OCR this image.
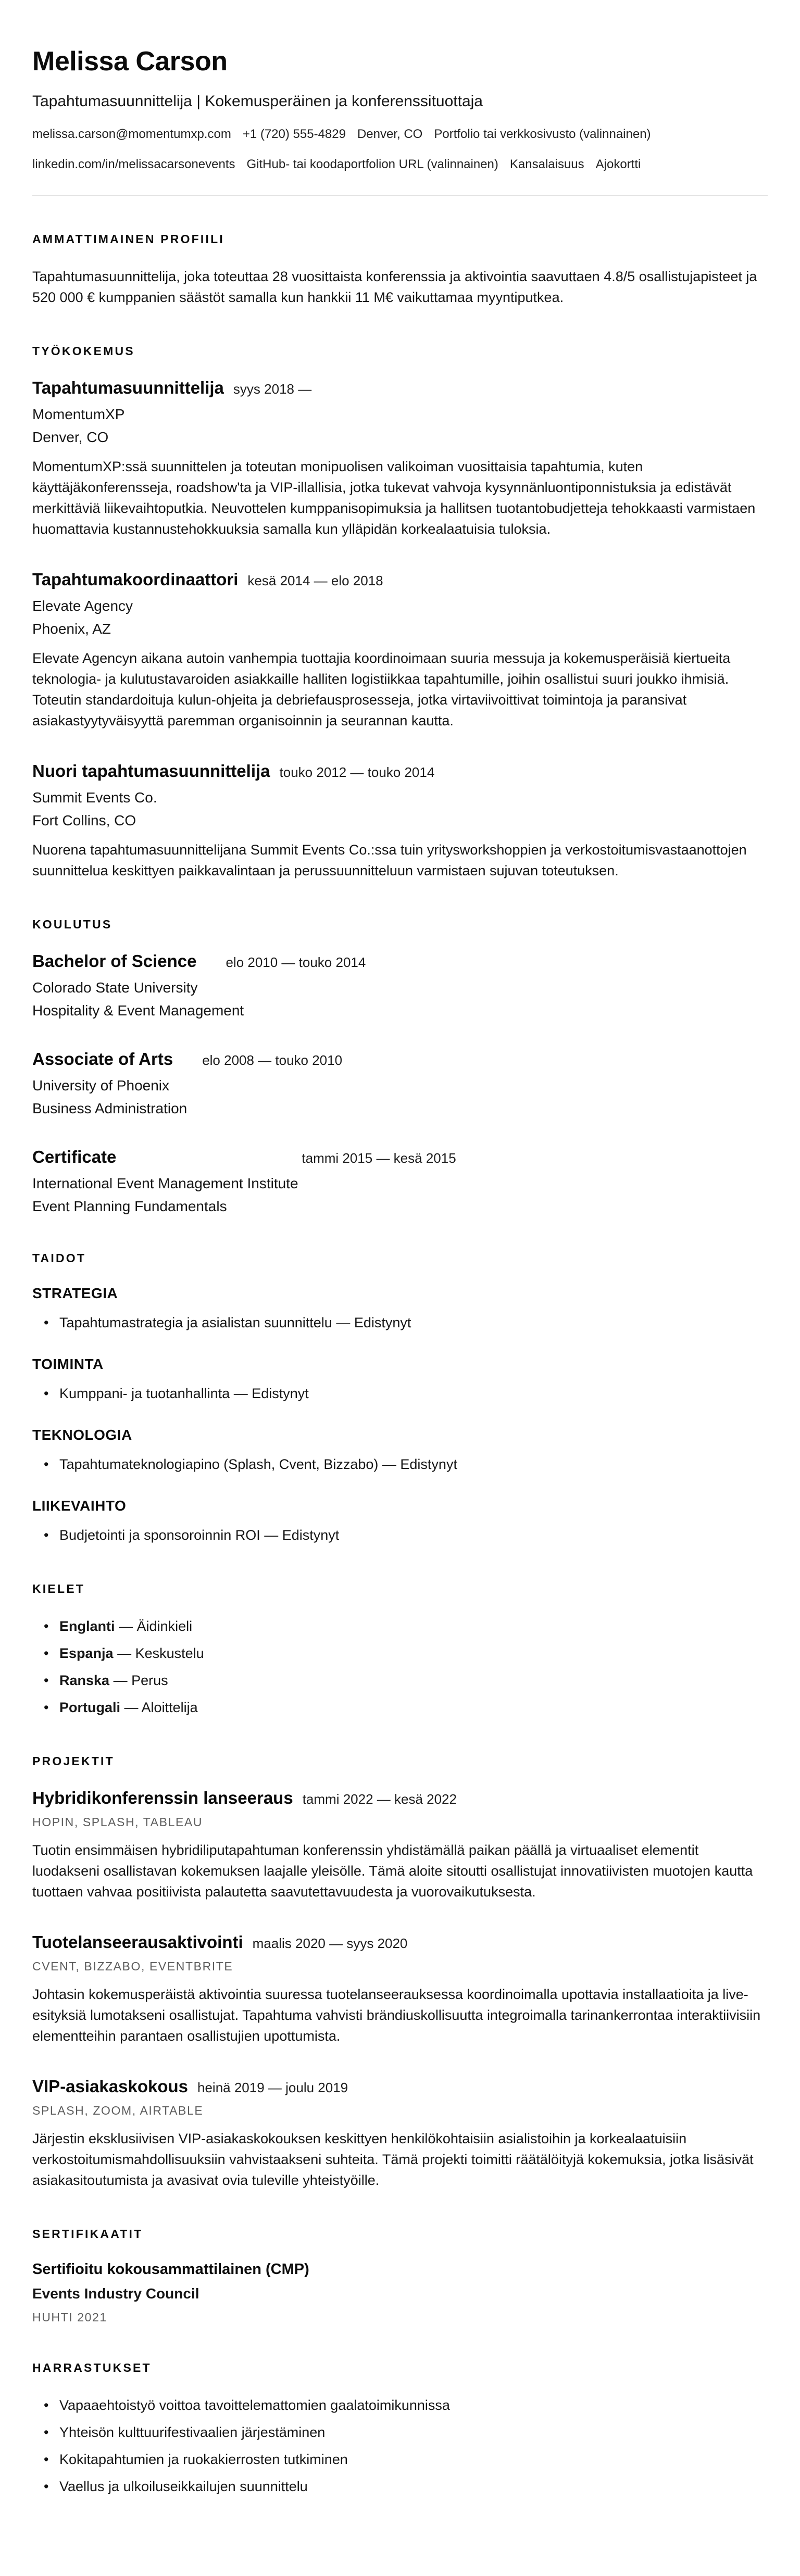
Melissa Carson

Tapahtumasuunnittelija | Kokemusperäinen ja konferenssituottaja

melissa.carson@momentumxp.com +1 (720) 555-4829 Denver, CO Portfolio tai verkkosivusto (valinnainen)
linkedin.com/in/melissacarsonevents GitHub- tai koodaportfolion URL (valinnainen) Kansalaisuus Ajokortti
AMMATTIMAINEN PROFIILI

Tapahtumasuunnittelija, joka toteuttaa 28 vuosittaista konferenssia ja aktivointia saavuttaen 4.8/5 osallistujapisteet ja 520 000 € kumppanien säästöt samalla kun hankkii 11 M€ vaikuttamaa myyntiputkea.

TYÖKOKEMUS
Tapahtumasuunnittelija syys 2018 —

MomentumXP

Denver, CO

MomentumXP:ssä suunnittelen ja toteutan monipuolisen valikoiman vuosittaisia tapahtumia, kuten käyttäjäkonferensseja, roadshow'ta ja VIP-illallisia, jotka tukevat vahvoja kysynnänluontiponnistuksia ja edistävät merkittäviä liikevaihtoputkia. Neuvottelen kumppanisopimuksia ja hallitsen tuotantobudjetteja tehokkaasti varmistaen huomattavia kustannustehokkuuksia samalla kun ylläpidän korkealaatuisia tuloksia.

Tapahtumakoordinaattori kesä 2014 — elo 2018

Elevate Agency

Phoenix, AZ

Elevate Agencyn aikana autoin vanhempia tuottajia koordinoimaan suuria messuja ja kokemusperäisiä kiertueita teknologia- ja kulutustavaroiden asiakkaille halliten logistiikkaa tapahtumille, joihin osallistui suuri joukko ihmisiä. Toteutin standardoituja kulun-ohjeita ja debriefausprosesseja, jotka virtaviivoittivat toimintoja ja paransivat asiakastyytyväisyyttä paremman organisoinnin ja seurannan kautta.

Nuori tapahtumasuunnittelija touko 2012 — touko 2014

Summit Events Co.

Fort Collins, CO

Nuorena tapahtumasuunnittelijana Summit Events Co.:ssa tuin yritysworkshoppien ja verkostoitumisvastaanottojen suunnittelua keskittyen paikkavalintaan ja perussuunnitteluun varmistaen sujuvan toteutuksen.

KOULUTUS
Bachelor of Science elo 2010 — touko 2014

Colorado State University

Hospitality & Event Management

Associate of Arts elo 2008 — touko 2010

University of Phoenix

Business Administration

Certificate	tammi 2015 — kesä 2015

International Event Management Institute

Event Planning Fundamentals

TAIDOT
STRATEGIA
• Tapahtumastrategia ja asialistan suunnittelu — Edistynyt
TOIMINTA
• Kumppani- ja tuotanhallinta — Edistynyt
TEKNOLOGIA
• Tapahtumateknologiapino (Splash, Cvent, Bizzabo) — Edistynyt
LIIKEVAIHTO
• Budjetointi ja sponsoroinnin ROI — Edistynyt
KIELET
• Englanti — Äidinkieli
• Espanja — Keskustelu
• Ranska — Perus
• Portugali — Aloittelija
PROJEKTIT
Hybridikonferenssin lanseeraus tammi 2022 — kesä 2022

HOPIN, SPLASH, TABLEAU

Tuotin ensimmäisen hybridiliputapahtuman konferenssin yhdistämällä paikan päällä ja virtuaaliset elementit luodakseni osallistavan kokemuksen laajalle yleisölle. Tämä aloite sitoutti osallistujat innovatiivisten muotojen kautta tuottaen vahvaa positiivista palautetta saavutettavuudesta ja vuorovaikutuksesta.

Tuotelanseerausaktivointi maalis 2020 — syys 2020

CVENT, BIZZABO, EVENTBRITE

Johtasin kokemusperäistä aktivointia suuressa tuotelanseerauksessa koordinoimalla upottavia installaatioita ja live-esityksiä lumotakseni osallistujat. Tapahtuma vahvisti brändiuskollisuutta integroimalla tarinankerrontaa interaktiivisiin elementteihin parantaen osallistujien upottumista.

VIP-asiakaskokous heinä 2019 — joulu 2019

SPLASH, ZOOM, AIRTABLE

Järjestin eksklusiivisen VIP-asiakaskokouksen keskittyen henkilökohtaisiin asialistoihin ja korkealaatuisiin verkostoitumismahdollisuuksiin vahvistaakseni suhteita. Tämä projekti toimitti räätälöityjä kokemuksia, jotka lisäsivät asiakasitoutumista ja avasivat ovia tuleville yhteistyöille.

SERTIFIKAATIT
Sertifioitu kokousammattilainen (CMP)

Events Industry Council

HUHTI 2021

HARRASTUKSET
• Vapaaehtoistyö voittoa tavoittelemattomien gaalatoimikunnissa
• Yhteisön kulttuurifestivaalien järjestäminen
• Kokitapahtumien ja ruokakierrosten tutkiminen
• Vaellus ja ulkoiluseikkailujen suunnittelu
